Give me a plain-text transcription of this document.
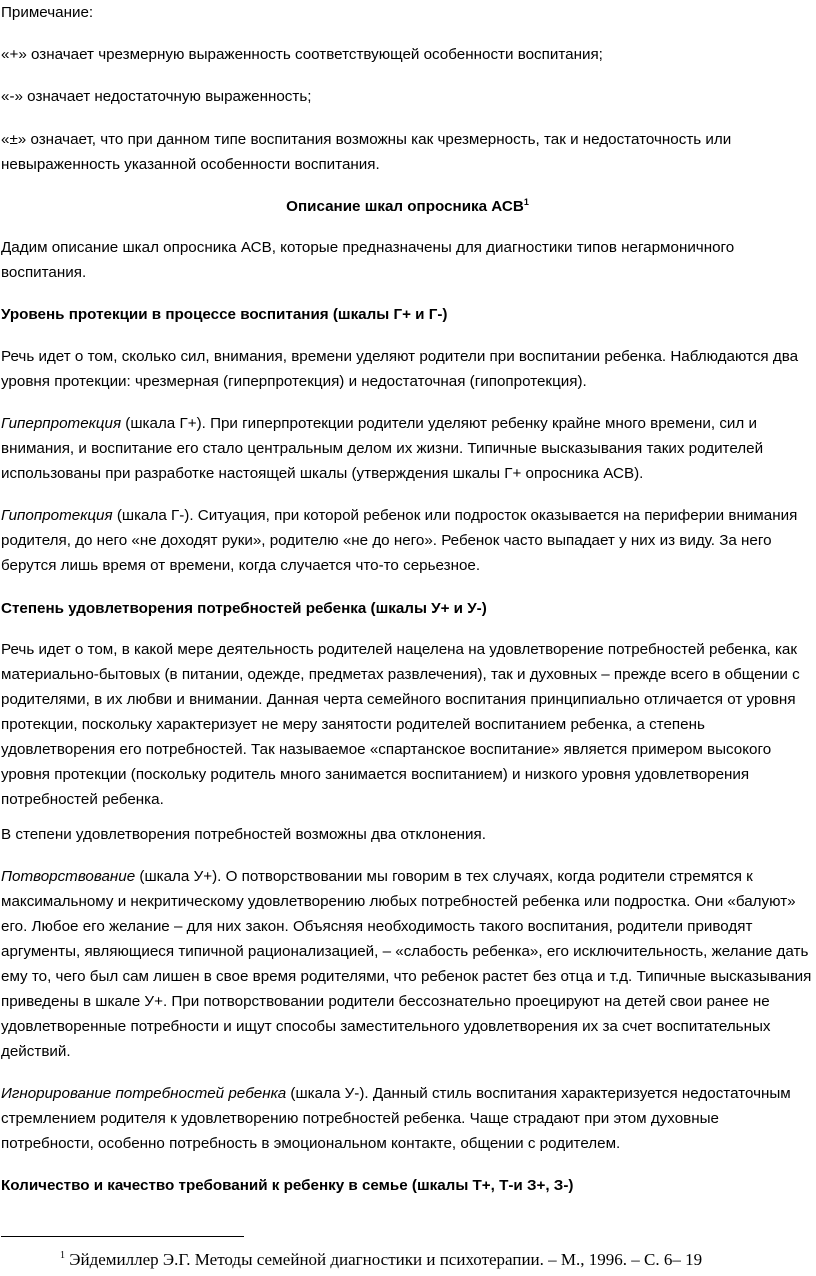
Примечание:

«+» означает чрезмерную выраженность соответствующей особенности воспитания;

«-» означает недостаточную выраженность;

«±» означает, что при данном типе воспитания возможны как чрезмерность, так и недостаточность или невыраженность указанной особенности воспитания.

Описание шкал опросника АСВ$^1$

Дадим описание шкал опросника АСВ, которые предназначены для диагностики типов негармоничного воспитания.

Уровень протекции в процессе воспитания (шкалы Г+ и Г-)

Речь идет о том, сколько сил, внимания, времени уделяют родители при воспитании ребенка. Наблюдаются два уровня протекции: чрезмерная (гиперпротекция) и недостаточная (гипопротекция).

Гиперпротекция (шкала Г+). При гиперпротекции родители уделяют ребенку крайне много времени, сил и внимания, и воспитание его стало центральным делом их жизни. Типичные высказывания таких родителей использованы при разработке настоящей шкалы (утверждения шкалы Г+ опросника АСВ).

Гипопротекция (шкала Г-). Ситуация, при которой ребенок или подросток оказывается на периферии внимания родителя, до него «не доходят руки», родителю «не до него». Ребенок часто выпадает у них из виду. За него берутся лишь время от времени, когда случается что-то серьезное.

Степень удовлетворения потребностей ребенка (шкалы У+ и У-)

Речь идет о том, в какой мере деятельность родителей нацелена на удовлетворение потребностей ребенка, как материально-бытовых (в питании, одежде, предметах развлечения), так и духовных – прежде всего в общении с родителями, в их любви и внимании. Данная черта семейного воспитания принципиально отличается от уровня протекции, поскольку характеризует не меру занятости родителей воспитанием ребенка, а степень удовлетворения его потребностей. Так называемое «спартанское воспитание» является примером высокого уровня протекции (поскольку родитель много занимается воспитанием) и низкого уровня удовлетворения потребностей ребенка.

В степени удовлетворения потребностей возможны два отклонения.

Потворствование (шкала У+). О потворствовании мы говорим в тех случаях, когда родители стремятся к максимальному и некритическому удовлетворению любых потребностей ребенка или подростка. Они «балуют» его. Любое его желание – для них закон. Объясняя необходимость такого воспитания, родители приводят аргументы, являющиеся типичной рационализацией, – «слабость ребенка», его исключительность, желание дать ему то, чего был сам лишен в свое время родителями, что ребенок растет без отца и т.д. Типичные высказывания приведены в шкале У+. При потворствовании родители бессознательно проецируют на детей свои ранее не удовлетворенные потребности и ищут способы заместительного удовлетворения их за счет воспитательных действий.

Игнорирование потребностей ребенка (шкала У-). Данный стиль воспитания характеризуется недостаточным стремлением родителя к удовлетворению потребностей ребенка. Чаще страдают при этом духовные потребности, особенно потребность в эмоциональном контакте, общении с родителем.

Количество и качество требований к ребенку в семье (шкалы Т+, Т-и З+, З-)

$^1$ Эйдемиллер Э.Г. Методы семейной диагностики и психотерапии. – М., 1996. – С. 6– 19
